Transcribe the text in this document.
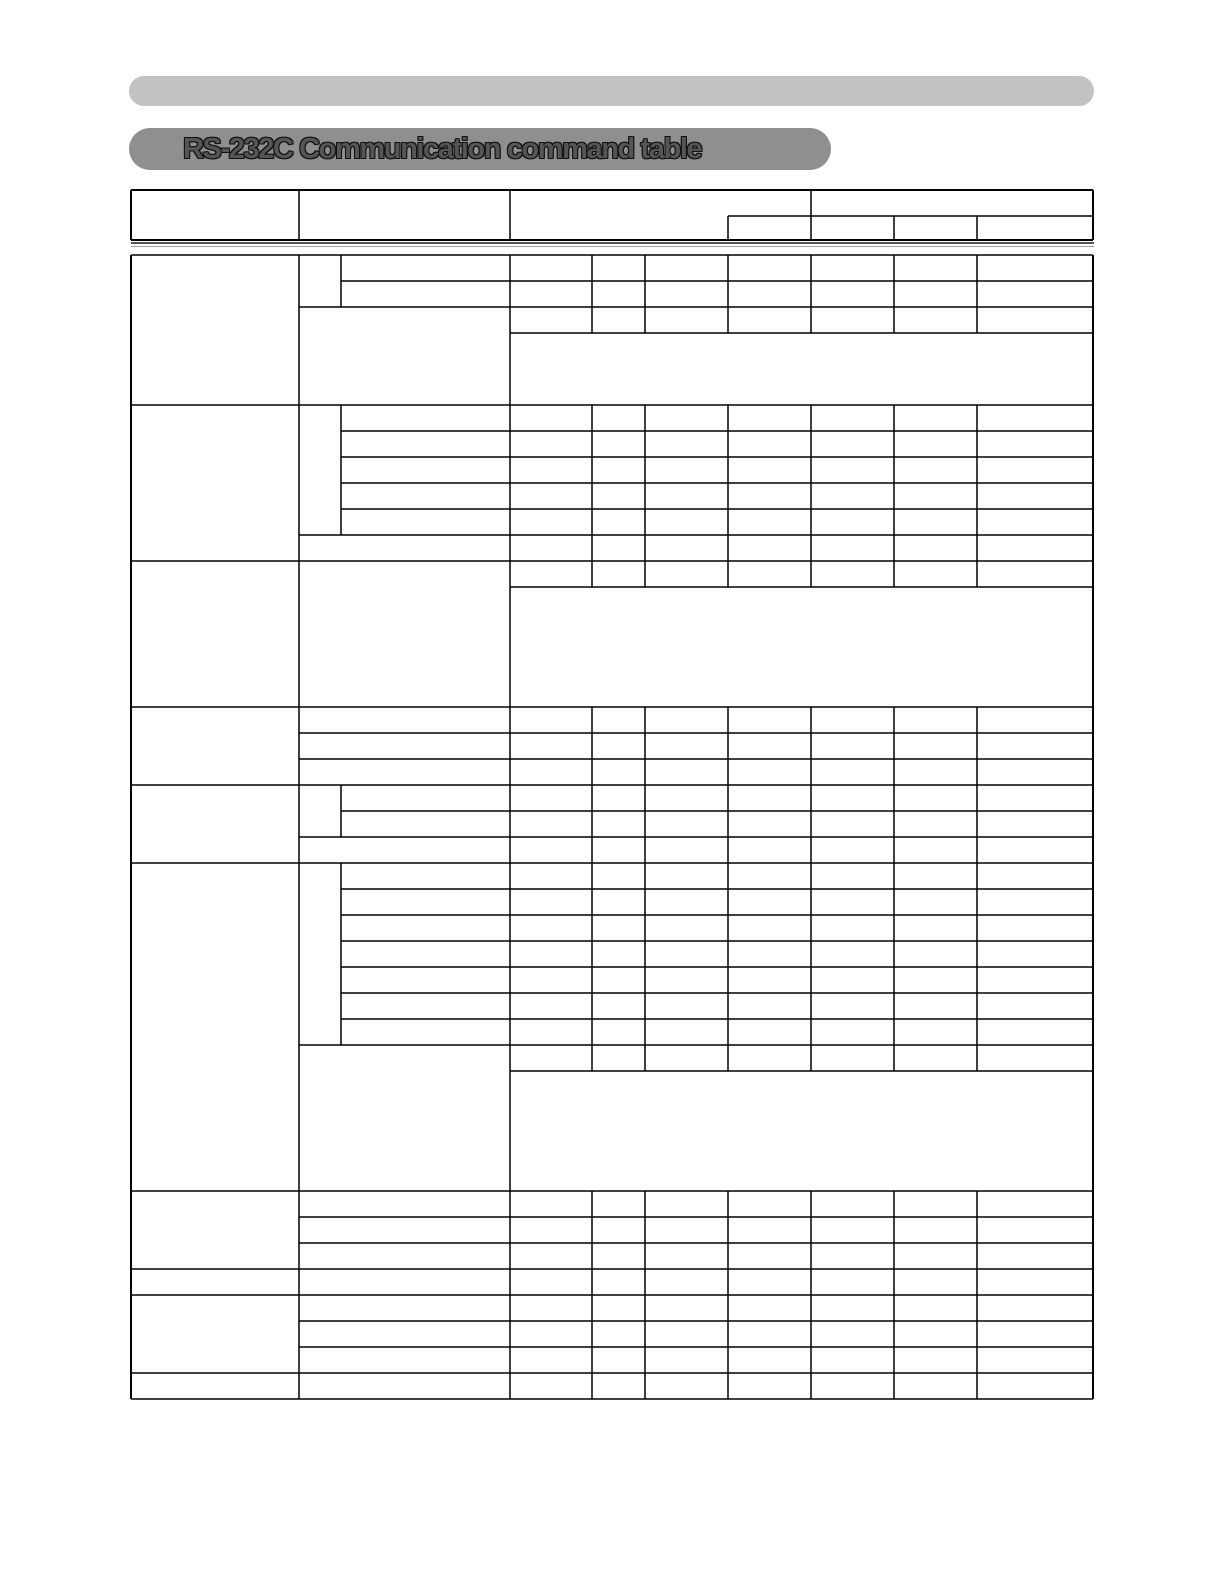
RS-232C Communication command table
